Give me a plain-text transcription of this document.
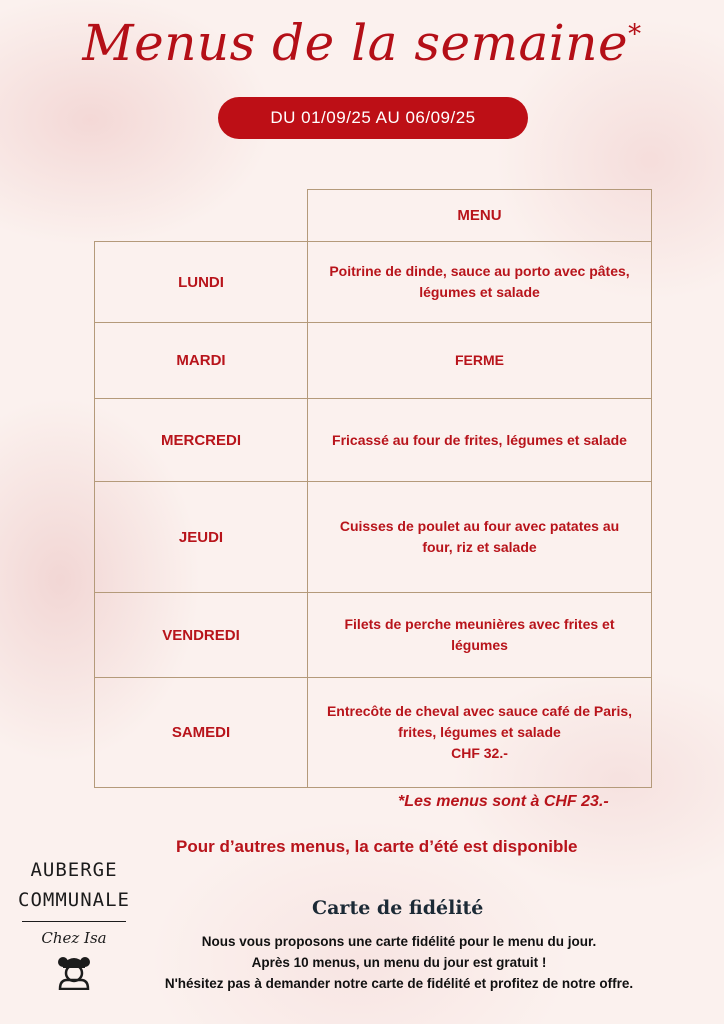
Menus de la semaine*
DU 01/09/25 AU 06/09/25
	MENU
LUNDI	Poitrine de dinde, sauce au porto avec pâtes, légumes et salade
MARDI	FERME
MERCREDI	Fricassé au four de frites, légumes et salade
JEUDI	Cuisses de poulet au four avec patates au four, riz et salade
VENDREDI	Filets de perche meunières avec frites et légumes
SAMEDI	Entrecôte de cheval avec sauce café de Paris, frites, légumes et salade
CHF 32.-
*Les menus sont à CHF 23.-
Pour d’autres menus, la carte d’été est disponible
AUBERGE
COMMUNALE
Chez Isa
Carte de fidélité
Nous vous proposons une carte fidélité pour le menu du jour.
Après 10 menus, un menu du jour est gratuit !
N'hésitez pas à demander notre carte de fidélité et profitez de notre offre.
